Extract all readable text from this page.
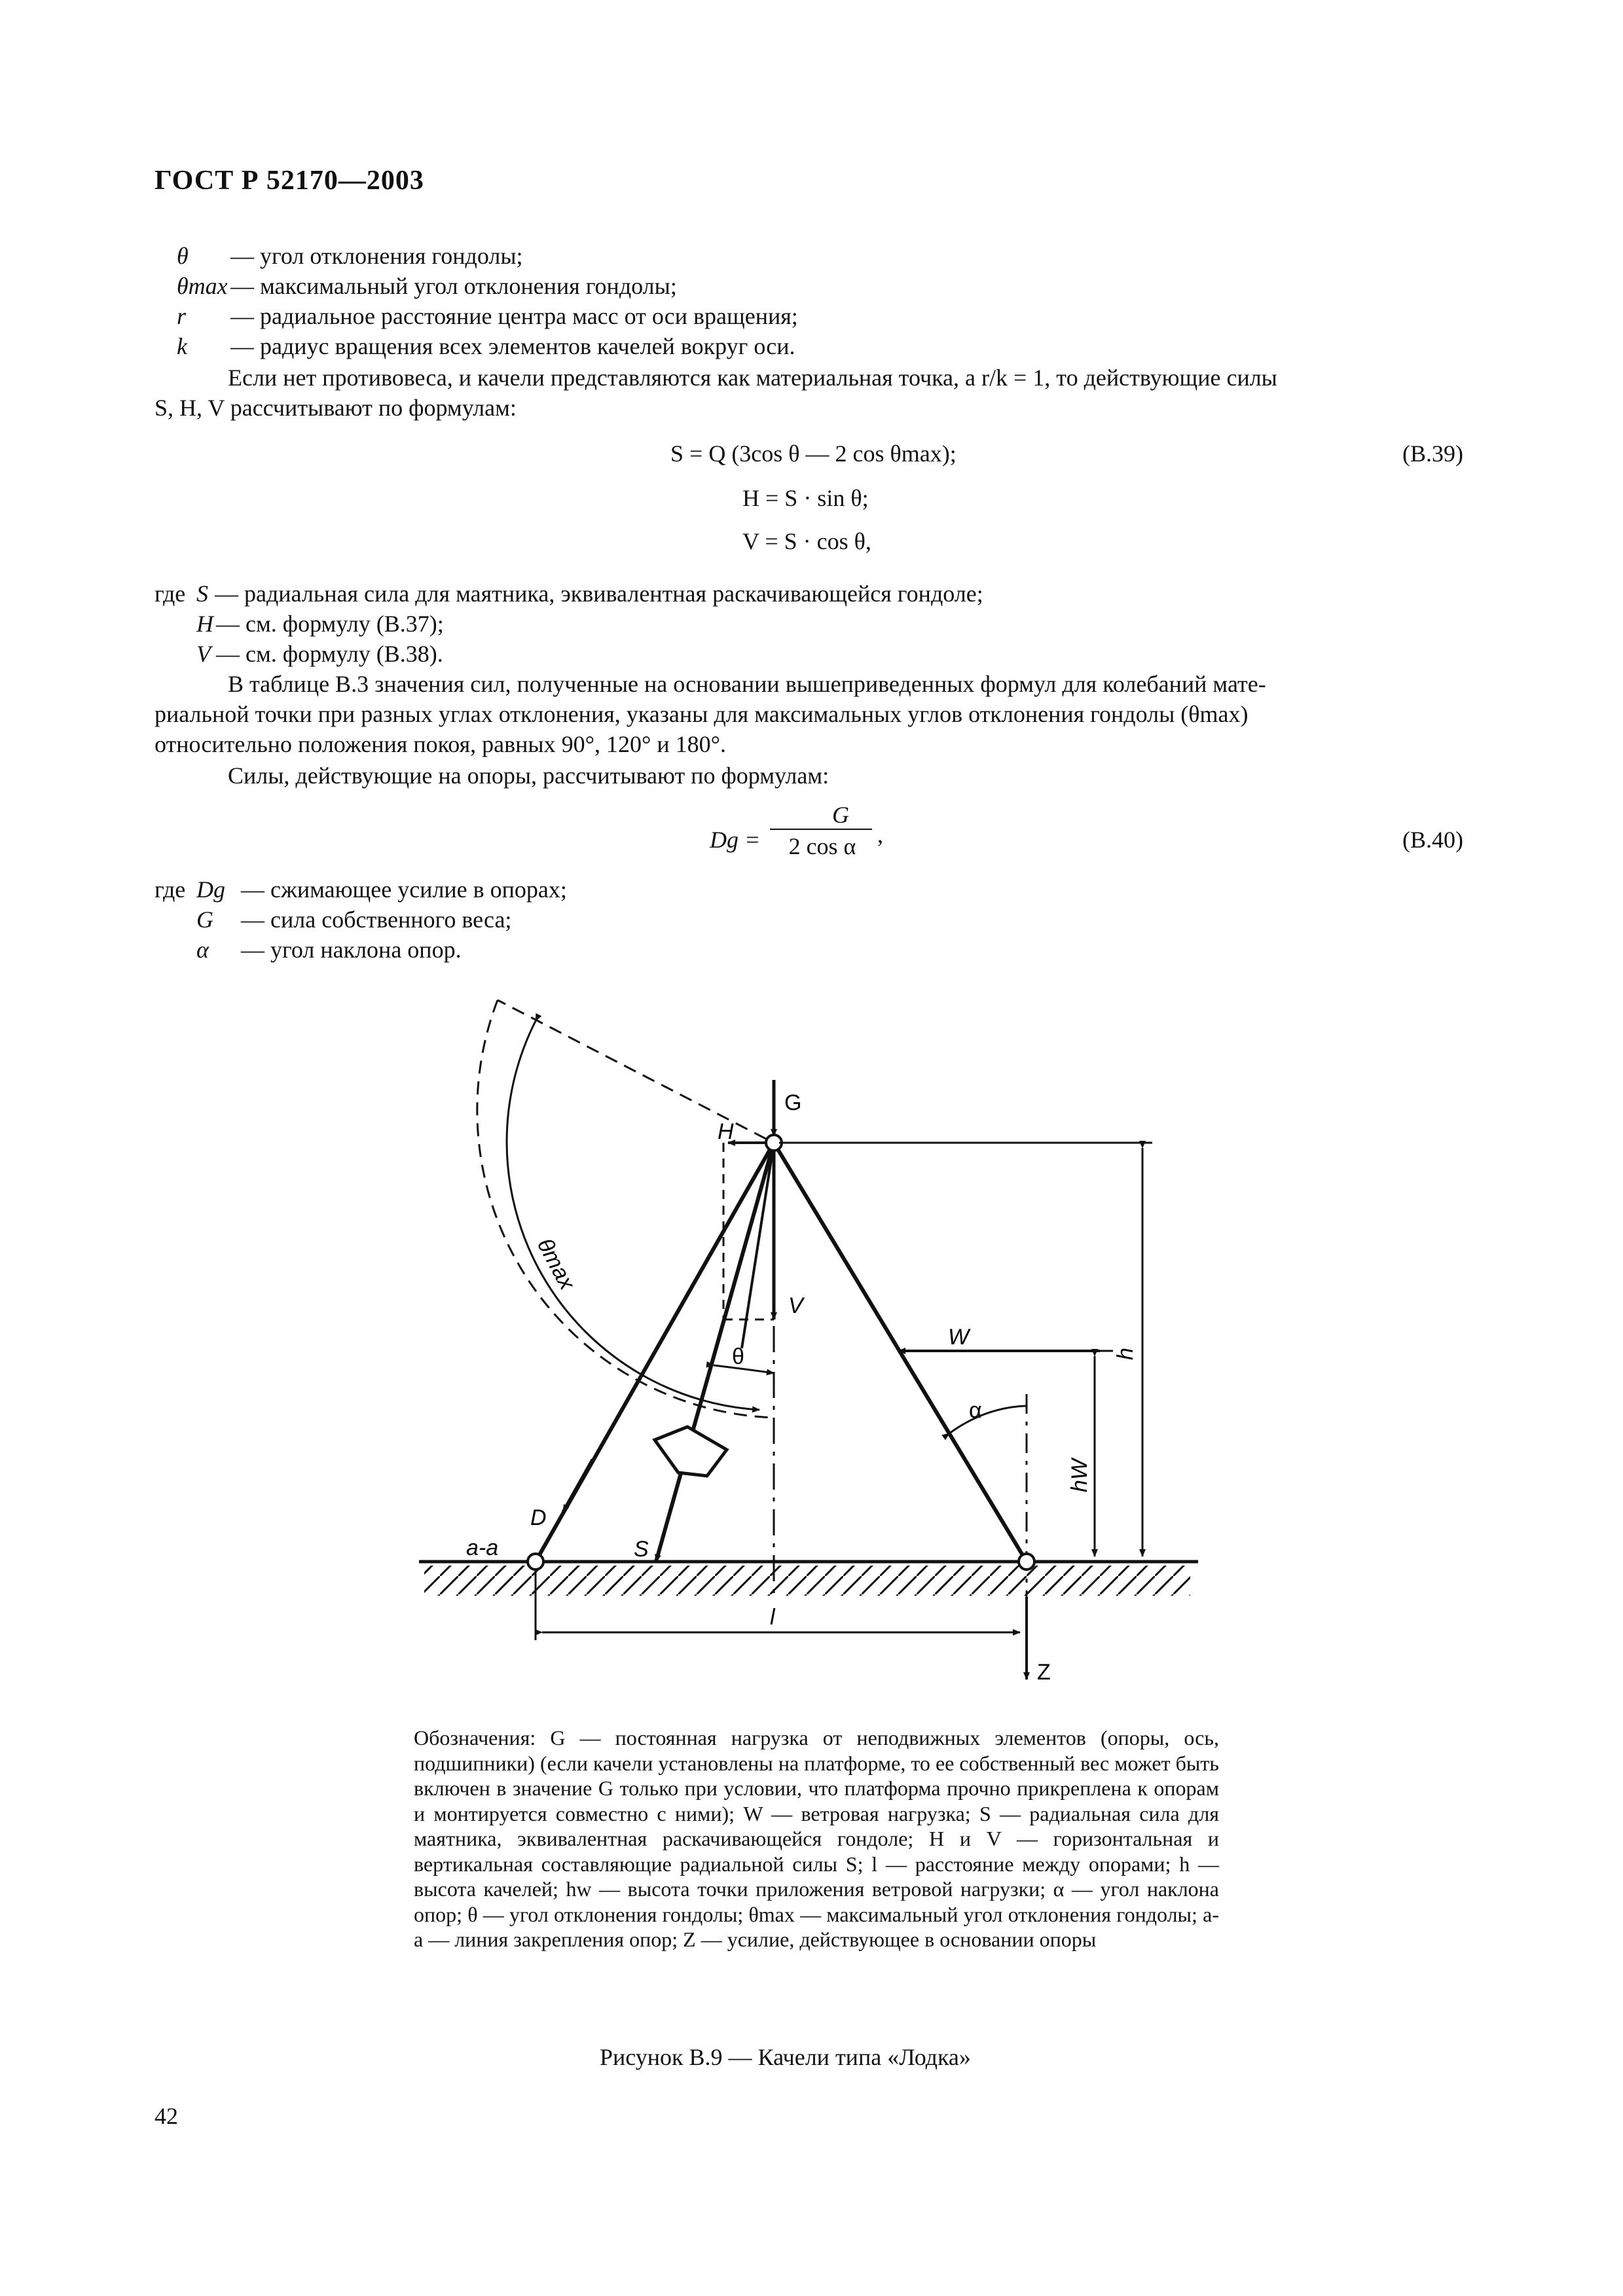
ГОСТ Р 52170—2003
θ — угол отклонения гондолы;
θmax — максимальный угол отклонения гондолы;
r — радиальное расстояние центра масс от оси вращения;
k — радиус вращения всех элементов качелей вокруг оси.
Если нет противовеса, и качели представляются как материальная точка, а r/k = 1, то действующие силы
S, H, V рассчитывают по формулам:
S = Q (3cos θ — 2 cos θmax);	(B.39)
H = S · sin θ;
V = S · cos θ,
где S — радиальная сила для маятника, эквивалентная раскачивающейся гондоле;
H — см. формулу (B.37);
V — см. формулу (B.38).
В таблице В.3 значения сил, полученные на основании вышеприведенных формул для колебаний мате-
риальной точки при разных углах отклонения, указаны для максимальных углов отклонения гондолы (θmax)
относительно положения покоя, равных 90°, 120° и 180°.
Силы, действующие на опоры, рассчитывают по формулам:
Dg =
G
2 cos α ,	(B.40)
где Dg — сжимающее усилие в опорах;
G — сила собственного веса;
α — угол наклона опор.
G
H
θmax
V
W
θ
α
h
hW
D
S
a-a
l
Z
Обозначения: G — постоянная нагрузка от неподвижных элементов (опоры, ось, подшипники) (если качели установлены на платформе, то ее собственный вес может быть включен в значение G только при условии, что платформа прочно прикреплена к опорам и монтируется совместно с ними); W — ветровая нагрузка; S — радиальная сила для маятника, эквивалентная раскачивающейся гондоле; H и V — горизонтальная и вертикальная составляющие радиальной силы S; l — расстояние между опорами; h — высота качелей; hw — высота точки приложения ветровой нагрузки; α — угол наклона опор; θ — угол отклонения гондолы; θmax — максимальный угол отклонения гондолы; a-a — линия закрепления опор; Z — усилие, действующее в основании опоры
Рисунок В.9 — Качели типа «Лодка»
42
